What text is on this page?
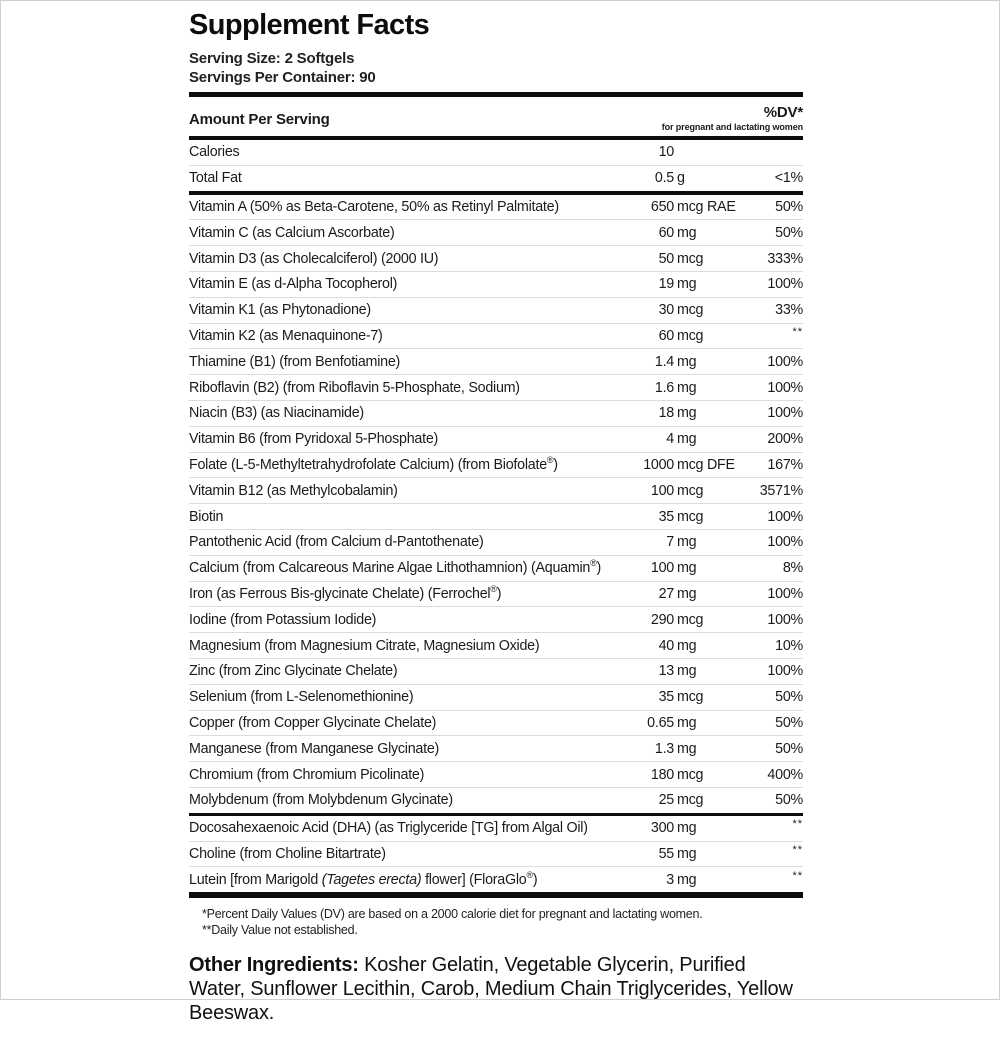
Supplement Facts
Serving Size: 2 Softgels
Servings Per Container: 90
Amount Per Serving	%DV*
for pregnant and lactating women
Calories	10
Total Fat	0.5 g	<1%
Vitamin A (50% as Beta-Carotene, 50% as Retinyl Palmitate)	650 mcg RAE	50%
Vitamin C (as Calcium Ascorbate)	60 mg	50%
Vitamin D3 (as Cholecalciferol) (2000 IU)	50 mcg	333%
Vitamin E (as d-Alpha Tocopherol)	19 mg	100%
Vitamin K1 (as Phytonadione)	30 mcg	33%
Vitamin K2 (as Menaquinone-7)	60 mcg	**
Thiamine (B1) (from Benfotiamine)	1.4 mg	100%
Riboflavin (B2) (from Riboflavin 5-Phosphate, Sodium)	1.6 mg	100%
Niacin (B3) (as Niacinamide)	18 mg	100%
Vitamin B6 (from Pyridoxal 5-Phosphate)	4 mg	200%
Folate (L-5-Methyltetrahydrofolate Calcium) (from Biofolate®)	1000 mcg DFE	167%
Vitamin B12 (as Methylcobalamin)	100 mcg	3571%
Biotin	35 mcg	100%
Pantothenic Acid (from Calcium d-Pantothenate)	7 mg	100%
Calcium (from Calcareous Marine Algae Lithothamnion) (Aquamin®)	100 mg	8%
Iron (as Ferrous Bis-glycinate Chelate) (Ferrochel®)	27 mg	100%
Iodine (from Potassium Iodide)	290 mcg	100%
Magnesium (from Magnesium Citrate, Magnesium Oxide)	40 mg	10%
Zinc (from Zinc Glycinate Chelate)	13 mg	100%
Selenium (from L-Selenomethionine)	35 mcg	50%
Copper (from Copper Glycinate Chelate)	0.65 mg	50%
Manganese (from Manganese Glycinate)	1.3 mg	50%
Chromium (from Chromium Picolinate)	180 mcg	400%
Molybdenum (from Molybdenum Glycinate)	25 mcg	50%
Docosahexaenoic Acid (DHA) (as Triglyceride [TG] from Algal Oil)	300 mg	**
Choline (from Choline Bitartrate)	55 mg	**
Lutein [from Marigold (Tagetes erecta) flower] (FloraGlo®)	3 mg	**
*Percent Daily Values (DV) are based on a 2000 calorie diet for pregnant and lactating women.
**Daily Value not established.

Other Ingredients: Kosher Gelatin, Vegetable Glycerin, Purified Water, Sunflower Lecithin, Carob, Medium Chain Triglycerides, Yellow Beeswax.
